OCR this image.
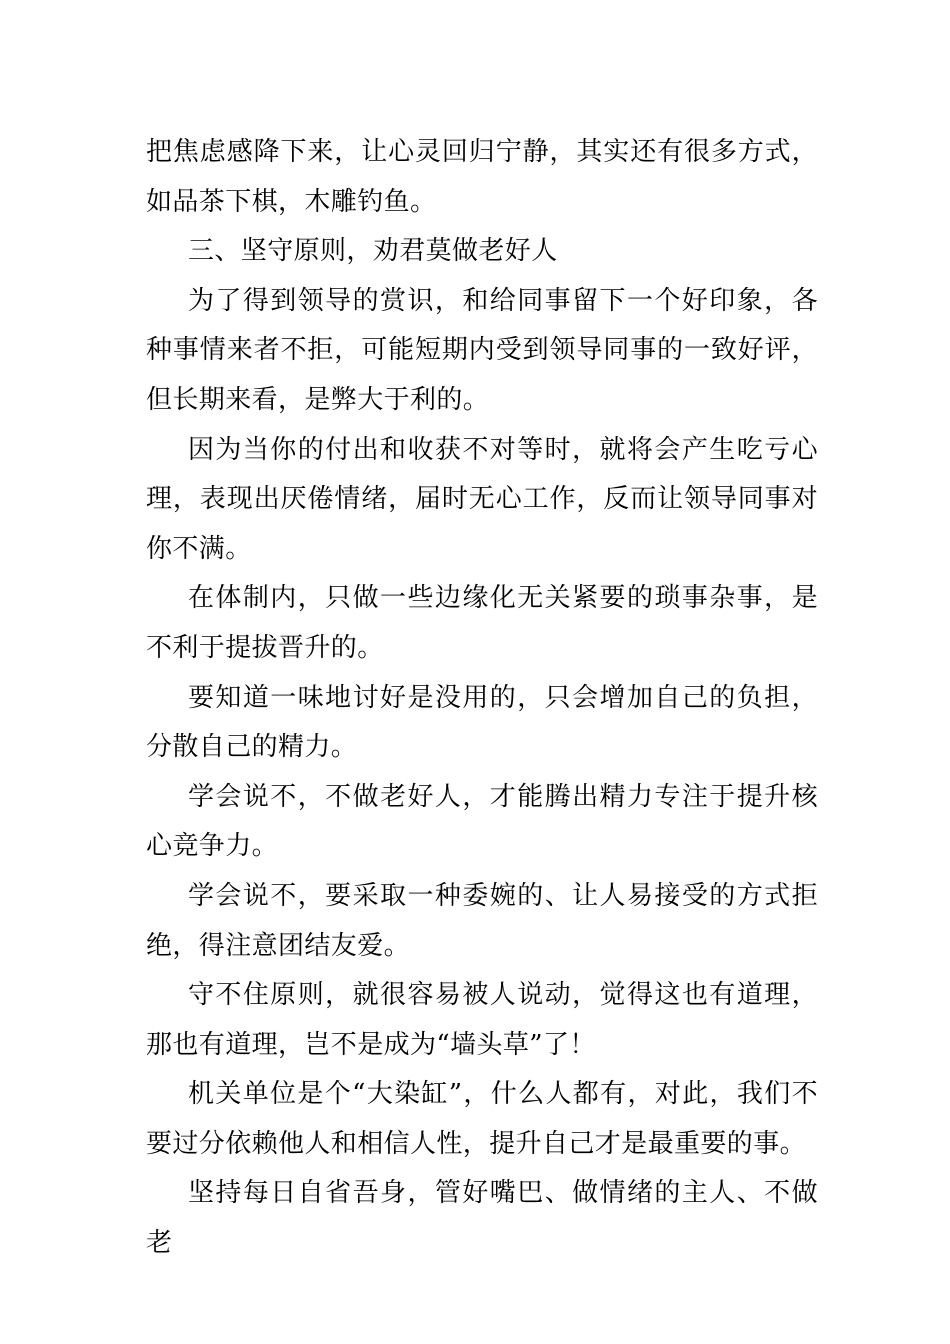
把焦虑感降下来，让心灵回归宁静，其实还有很多方式，如品茶下棋，木雕钓鱼。

三、坚守原则，劝君莫做老好人

为了得到领导的赏识，和给同事留下一个好印象，各种事情来者不拒，可能短期内受到领导同事的一致好评，但长期来看，是弊大于利的。

因为当你的付出和收获不对等时，就将会产生吃亏心理，表现出厌倦情绪，届时无心工作，反而让领导同事对你不满。

在体制内，只做一些边缘化无关紧要的琐事杂事，是不利于提拔晋升的。

要知道一味地讨好是没用的，只会增加自己的负担，分散自己的精力。

学会说不，不做老好人，才能腾出精力专注于提升核心竞争力。

学会说不，要采取一种委婉的、让人易接受的方式拒绝，得注意团结友爱。

守不住原则，就很容易被人说动，觉得这也有道理，那也有道理，岂不是成为“墙头草”了！

机关单位是个“大染缸”，什么人都有，对此，我们不要过分依赖他人和相信人性，提升自己才是最重要的事。

坚持每日自省吾身，管好嘴巴、做情绪的主人、不做老
